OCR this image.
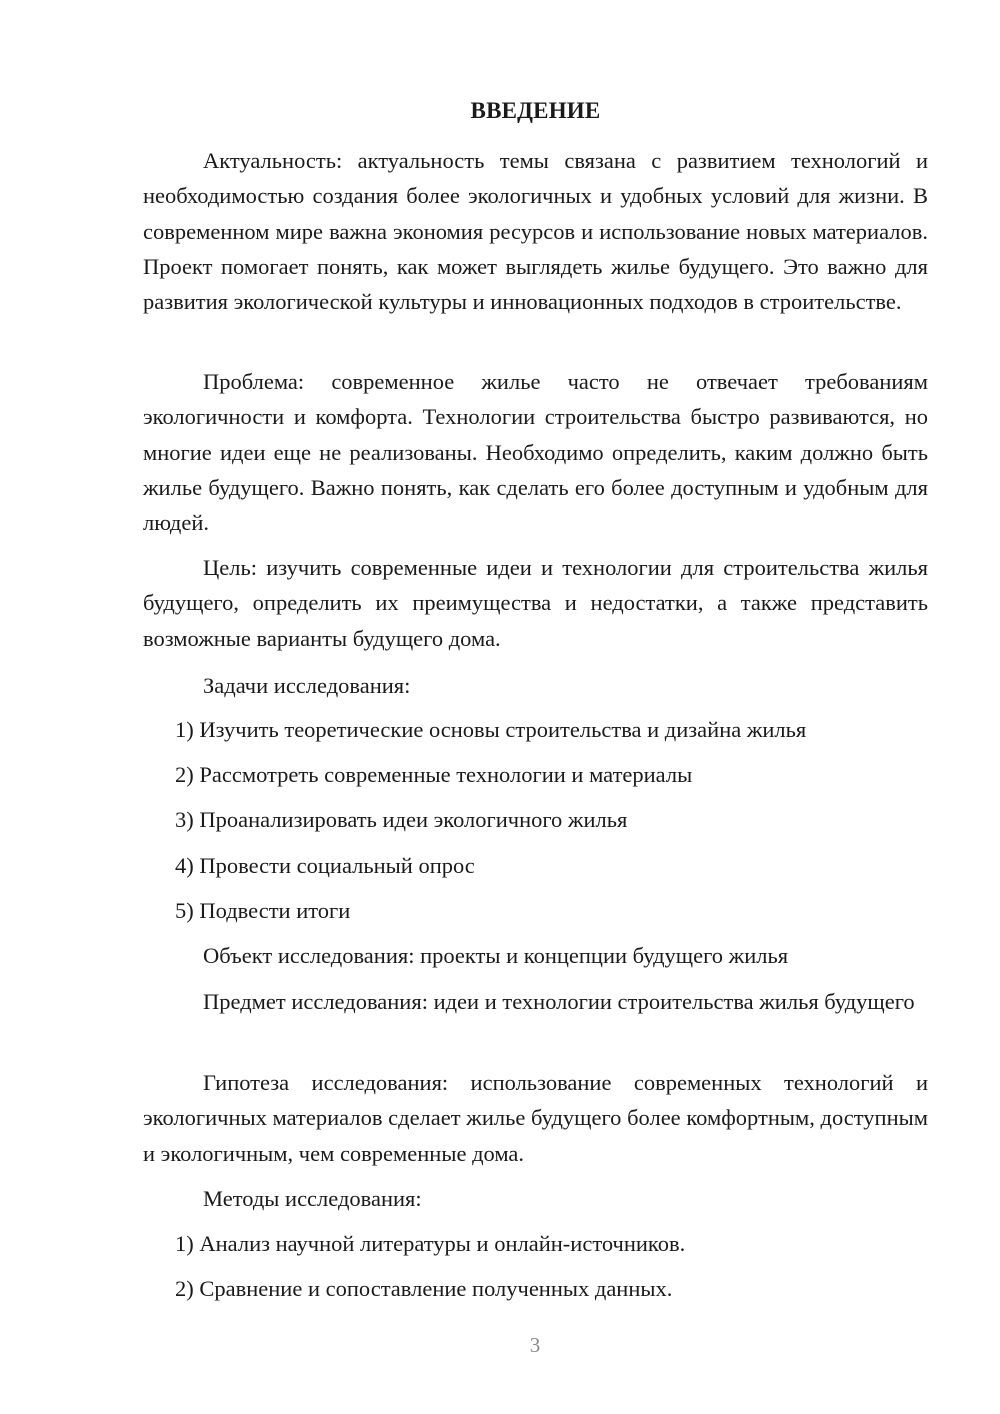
ВВЕДЕНИЕ

Актуальность: актуальность темы связана с развитием технологий и необходимостью создания более экологичных и удобных условий для жизни. В современном мире важна экономия ресурсов и использование новых материалов. Проект помогает понять, как может выглядеть жилье будущего. Это важно для развития экологической культуры и инновационных подходов в строительстве.

Проблема: современное жилье часто не отвечает требованиям экологичности и комфорта. Технологии строительства быстро развиваются, но многие идеи еще не реализованы. Необходимо определить, каким должно быть жилье будущего. Важно понять, как сделать его более доступным и удобным для людей.

Цель: изучить современные идеи и технологии для строительства жилья будущего, определить их преимущества и недостатки, а также представить возможные варианты будущего дома.

Задачи исследования:

1) Изучить теоретические основы строительства и дизайна жилья

2) Рассмотреть современные технологии и материалы

3) Проанализировать идеи экологичного жилья

4) Провести социальный опрос

5) Подвести итоги

Объект исследования: проекты и концепции будущего жилья

Предмет исследования: идеи и технологии строительства жилья будущего

Гипотеза исследования: использование современных технологий и экологичных материалов сделает жилье будущего более комфортным, доступным и экологичным, чем современные дома.

Методы исследования:

1) Анализ научной литературы и онлайн-источников.

2) Сравнение и сопоставление полученных данных.

3
